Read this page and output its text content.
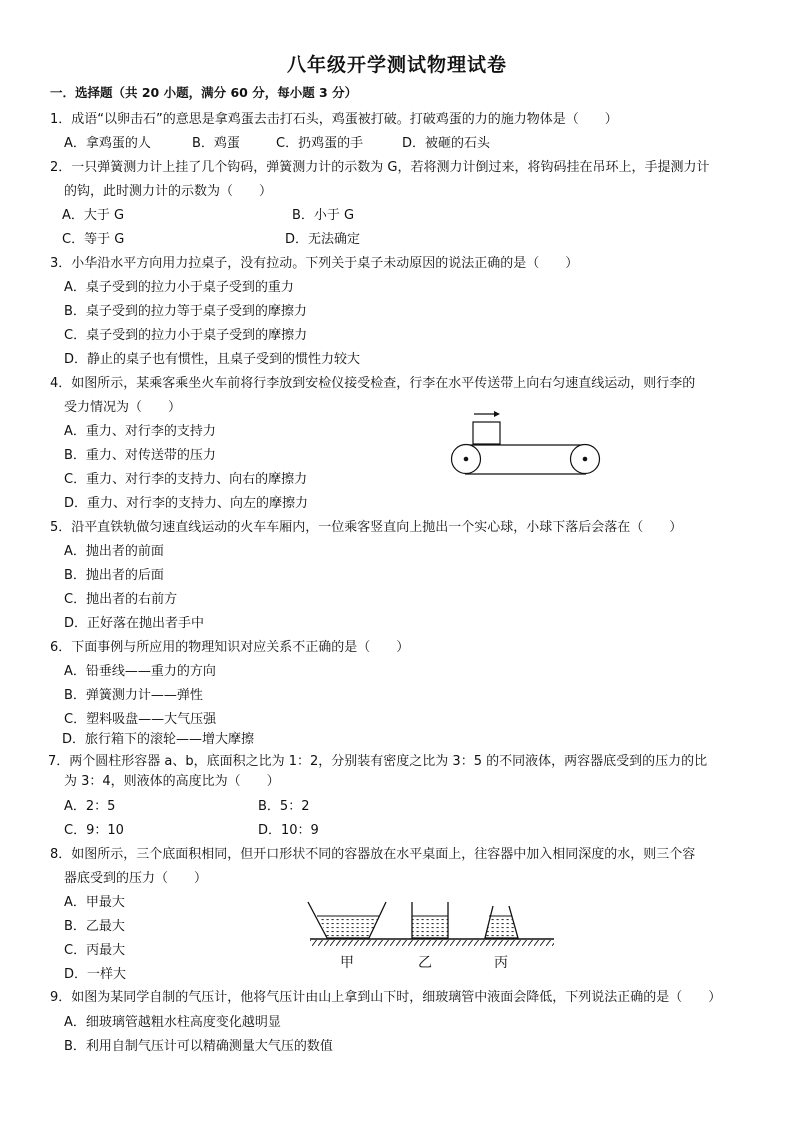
八年级开学测试物理试卷
一．选择题（共 20 小题，满分 60 分，每小题 3 分）
1．成语“以卵击石”的意思是拿鸡蛋去击打石头，鸡蛋被打破。打破鸡蛋的力的施力物体是（　　）
A．拿鸡蛋的人	B．鸡蛋	C．扔鸡蛋的手	D．被砸的石头
2．一只弹簧测力计上挂了几个钩码，弹簧测力计的示数为 G，若将测力计倒过来，将钩码挂在吊环上，手提测力计
的钩，此时测力计的示数为（　　）
A．大于 G	B．小于 G
C．等于 G	D．无法确定
3．小华沿水平方向用力拉桌子，没有拉动。下列关于桌子未动原因的说法正确的是（　　）
A．桌子受到的拉力小于桌子受到的重力
B．桌子受到的拉力等于桌子受到的摩擦力
C．桌子受到的拉力小于桌子受到的摩擦力
D．静止的桌子也有惯性，且桌子受到的惯性力较大
4．如图所示，某乘客乘坐火车前将行李放到安检仪接受检查，行李在水平传送带上向右匀速直线运动，则行李的
受力情况为（　　）
A．重力、对行李的支持力
B．重力、对传送带的压力
C．重力、对行李的支持力、向右的摩擦力
D．重力、对行李的支持力、向左的摩擦力
5．沿平直铁轨做匀速直线运动的火车车厢内，一位乘客竖直向上抛出一个实心球，小球下落后会落在（　　）
A．抛出者的前面
B．抛出者的后面
C．抛出者的右前方
D．正好落在抛出者手中
6．下面事例与所应用的物理知识对应关系不正确的是（　　）
A．铅垂线——重力的方向
B．弹簧测力计——弹性
C．塑料吸盘——大气压强
D．旅行箱下的滚轮——增大摩擦
7．两个圆柱形容器 a、b，底面积之比为 1：2，分别装有密度之比为 3：5 的不同液体，两容器底受到的压力的比
为 3：4，则液体的高度比为（　　）
A．2：5	B．5：2
C．9：10	D．10：9
8．如图所示，三个底面积相同，但开口形状不同的容器放在水平桌面上，往容器中加入相同深度的水，则三个容
器底受到的压力（　　）
A．甲最大
B．乙最大
C．丙最大
D．一样大
甲	乙	丙
9．如图为某同学自制的气压计，他将气压计由山上拿到山下时，细玻璃管中液面会降低，下列说法正确的是（　　）
A．细玻璃管越粗水柱高度变化越明显
B．利用自制气压计可以精确测量大气压的数值
